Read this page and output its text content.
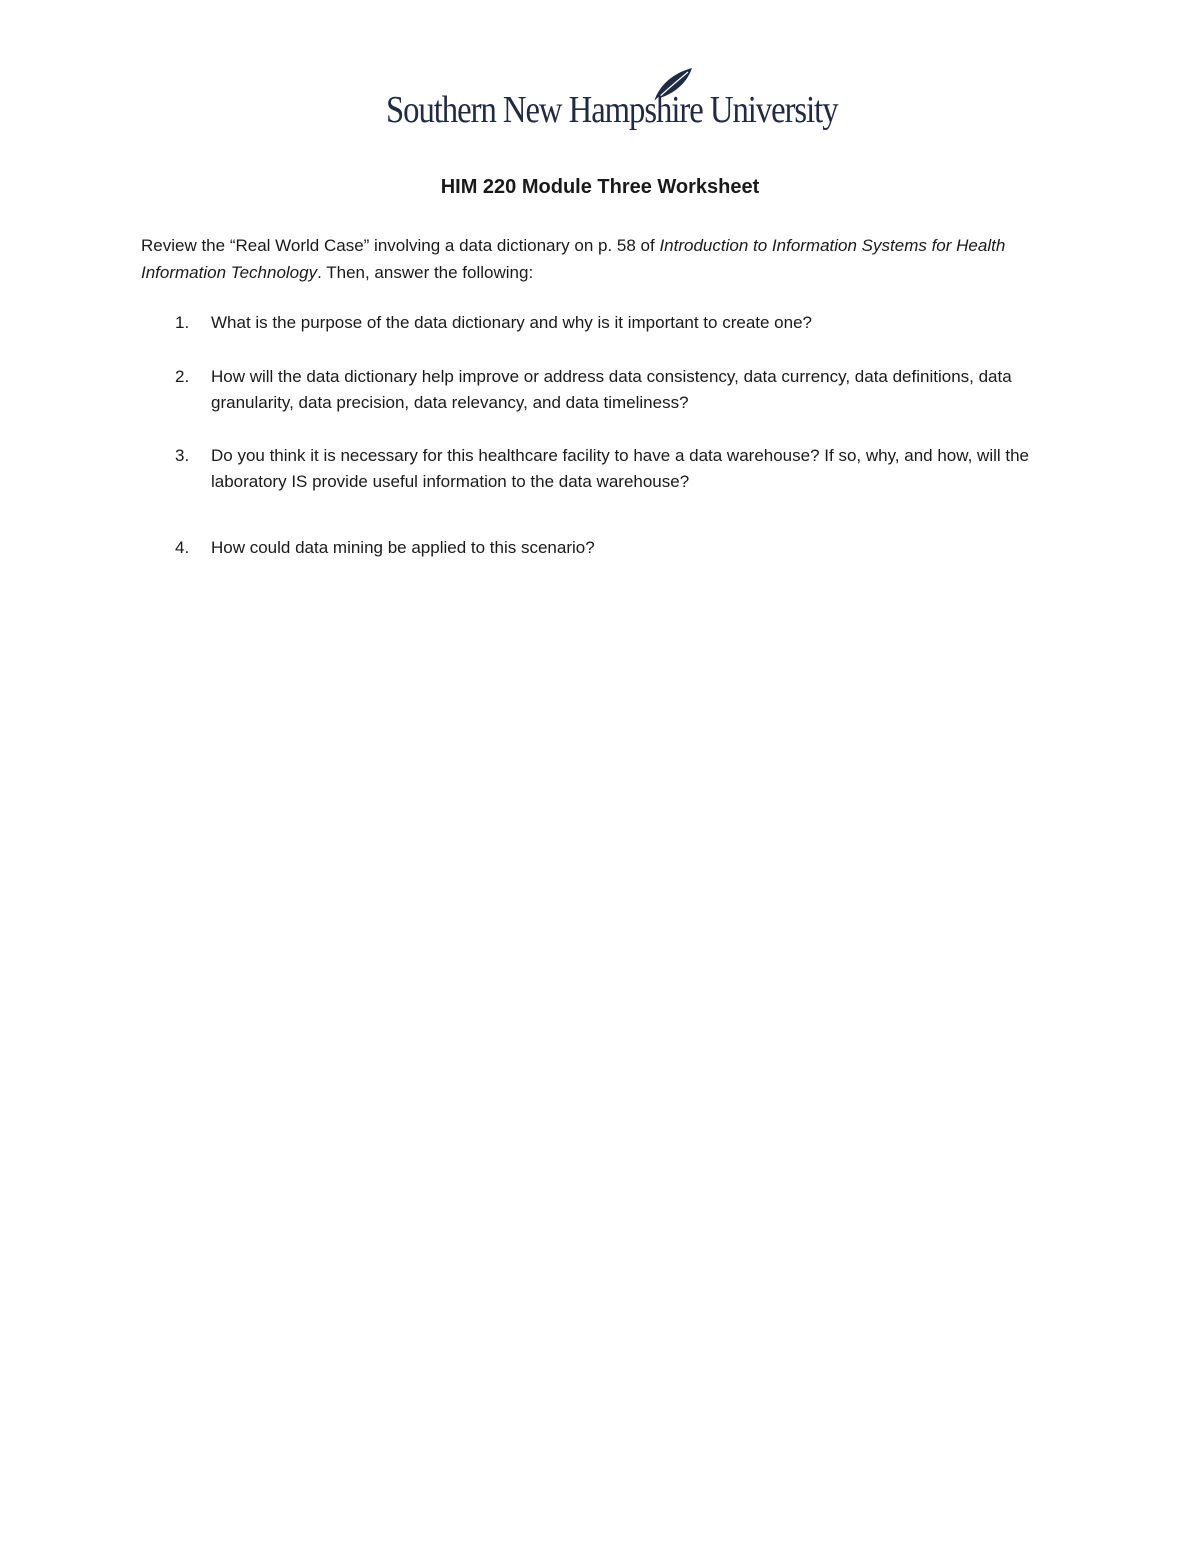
Southern New Hampshire University
HIM 220 Module Three Worksheet
Review the “Real World Case” involving a data dictionary on p. 58 of Introduction to Information Systems for Health Information Technology. Then, answer the following:
1. What is the purpose of the data dictionary and why is it important to create one?
2. How will the data dictionary help improve or address data consistency, data currency, data definitions, data granularity, data precision, data relevancy, and data timeliness?
3. Do you think it is necessary for this healthcare facility to have a data warehouse? If so, why, and how, will the laboratory IS provide useful information to the data warehouse?
4. How could data mining be applied to this scenario?
